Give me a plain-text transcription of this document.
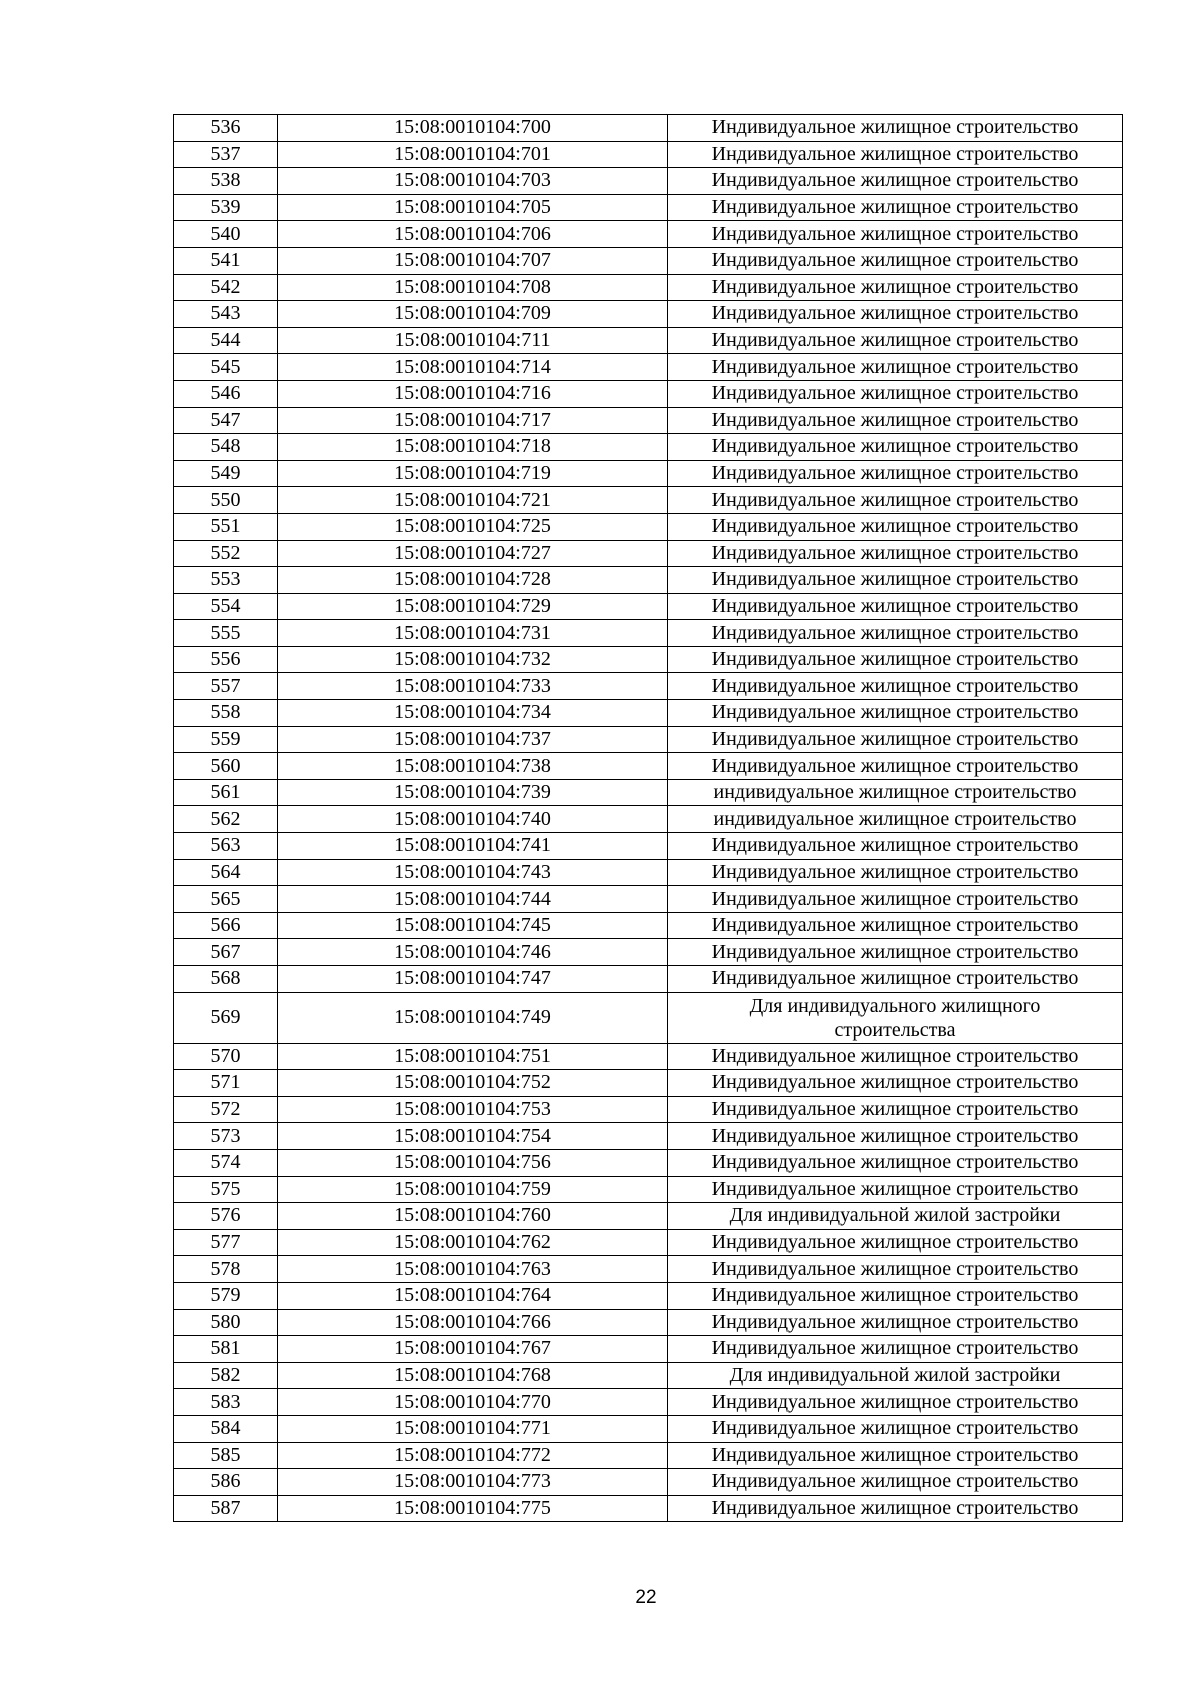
536	15:08:0010104:700	Индивидуальное жилищное строительство
537	15:08:0010104:701	Индивидуальное жилищное строительство
538	15:08:0010104:703	Индивидуальное жилищное строительство
539	15:08:0010104:705	Индивидуальное жилищное строительство
540	15:08:0010104:706	Индивидуальное жилищное строительство
541	15:08:0010104:707	Индивидуальное жилищное строительство
542	15:08:0010104:708	Индивидуальное жилищное строительство
543	15:08:0010104:709	Индивидуальное жилищное строительство
544	15:08:0010104:711	Индивидуальное жилищное строительство
545	15:08:0010104:714	Индивидуальное жилищное строительство
546	15:08:0010104:716	Индивидуальное жилищное строительство
547	15:08:0010104:717	Индивидуальное жилищное строительство
548	15:08:0010104:718	Индивидуальное жилищное строительство
549	15:08:0010104:719	Индивидуальное жилищное строительство
550	15:08:0010104:721	Индивидуальное жилищное строительство
551	15:08:0010104:725	Индивидуальное жилищное строительство
552	15:08:0010104:727	Индивидуальное жилищное строительство
553	15:08:0010104:728	Индивидуальное жилищное строительство
554	15:08:0010104:729	Индивидуальное жилищное строительство
555	15:08:0010104:731	Индивидуальное жилищное строительство
556	15:08:0010104:732	Индивидуальное жилищное строительство
557	15:08:0010104:733	Индивидуальное жилищное строительство
558	15:08:0010104:734	Индивидуальное жилищное строительство
559	15:08:0010104:737	Индивидуальное жилищное строительство
560	15:08:0010104:738	Индивидуальное жилищное строительство
561	15:08:0010104:739	индивидуальное жилищное строительство
562	15:08:0010104:740	индивидуальное жилищное строительство
563	15:08:0010104:741	Индивидуальное жилищное строительство
564	15:08:0010104:743	Индивидуальное жилищное строительство
565	15:08:0010104:744	Индивидуальное жилищное строительство
566	15:08:0010104:745	Индивидуальное жилищное строительство
567	15:08:0010104:746	Индивидуальное жилищное строительство
568	15:08:0010104:747	Индивидуальное жилищное строительство
569	15:08:0010104:749	Для индивидуального жилищного строительства
570	15:08:0010104:751	Индивидуальное жилищное строительство
571	15:08:0010104:752	Индивидуальное жилищное строительство
572	15:08:0010104:753	Индивидуальное жилищное строительство
573	15:08:0010104:754	Индивидуальное жилищное строительство
574	15:08:0010104:756	Индивидуальное жилищное строительство
575	15:08:0010104:759	Индивидуальное жилищное строительство
576	15:08:0010104:760	Для индивидуальной жилой застройки
577	15:08:0010104:762	Индивидуальное жилищное строительство
578	15:08:0010104:763	Индивидуальное жилищное строительство
579	15:08:0010104:764	Индивидуальное жилищное строительство
580	15:08:0010104:766	Индивидуальное жилищное строительство
581	15:08:0010104:767	Индивидуальное жилищное строительство
582	15:08:0010104:768	Для индивидуальной жилой застройки
583	15:08:0010104:770	Индивидуальное жилищное строительство
584	15:08:0010104:771	Индивидуальное жилищное строительство
585	15:08:0010104:772	Индивидуальное жилищное строительство
586	15:08:0010104:773	Индивидуальное жилищное строительство
587	15:08:0010104:775	Индивидуальное жилищное строительство
22
